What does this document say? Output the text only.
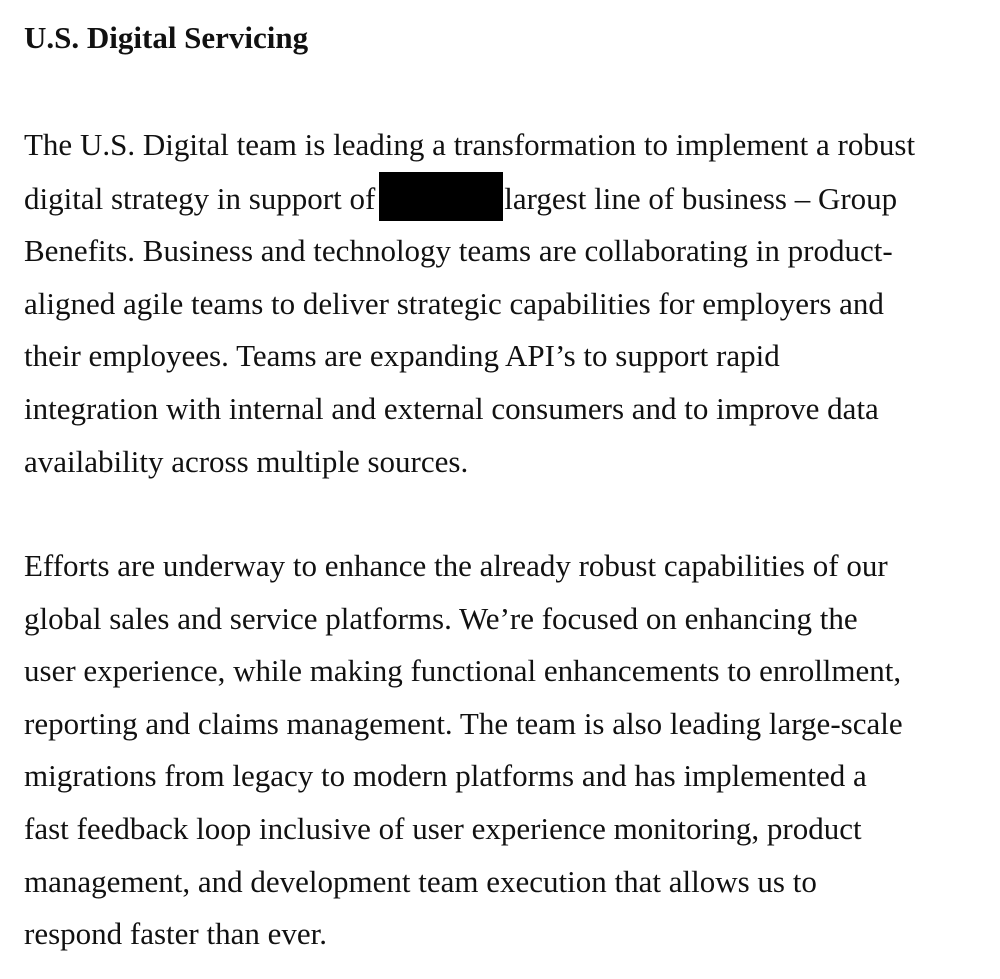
U.S. Digital Servicing
The U.S. Digital team is leading a transformation to implement a robust
digital strategy in support of	largest line of business – Group
Benefits. Business and technology teams are collaborating in product-
aligned agile teams to deliver strategic capabilities for employers and
their employees. Teams are expanding API’s to support rapid
integration with internal and external consumers and to improve data
availability across multiple sources.
Efforts are underway to enhance the already robust capabilities of our
global sales and service platforms. We’re focused on enhancing the
user experience, while making functional enhancements to enrollment,
reporting and claims management. The team is also leading large-scale
migrations from legacy to modern platforms and has implemented a
fast feedback loop inclusive of user experience monitoring, product
management, and development team execution that allows us to
respond faster than ever.
